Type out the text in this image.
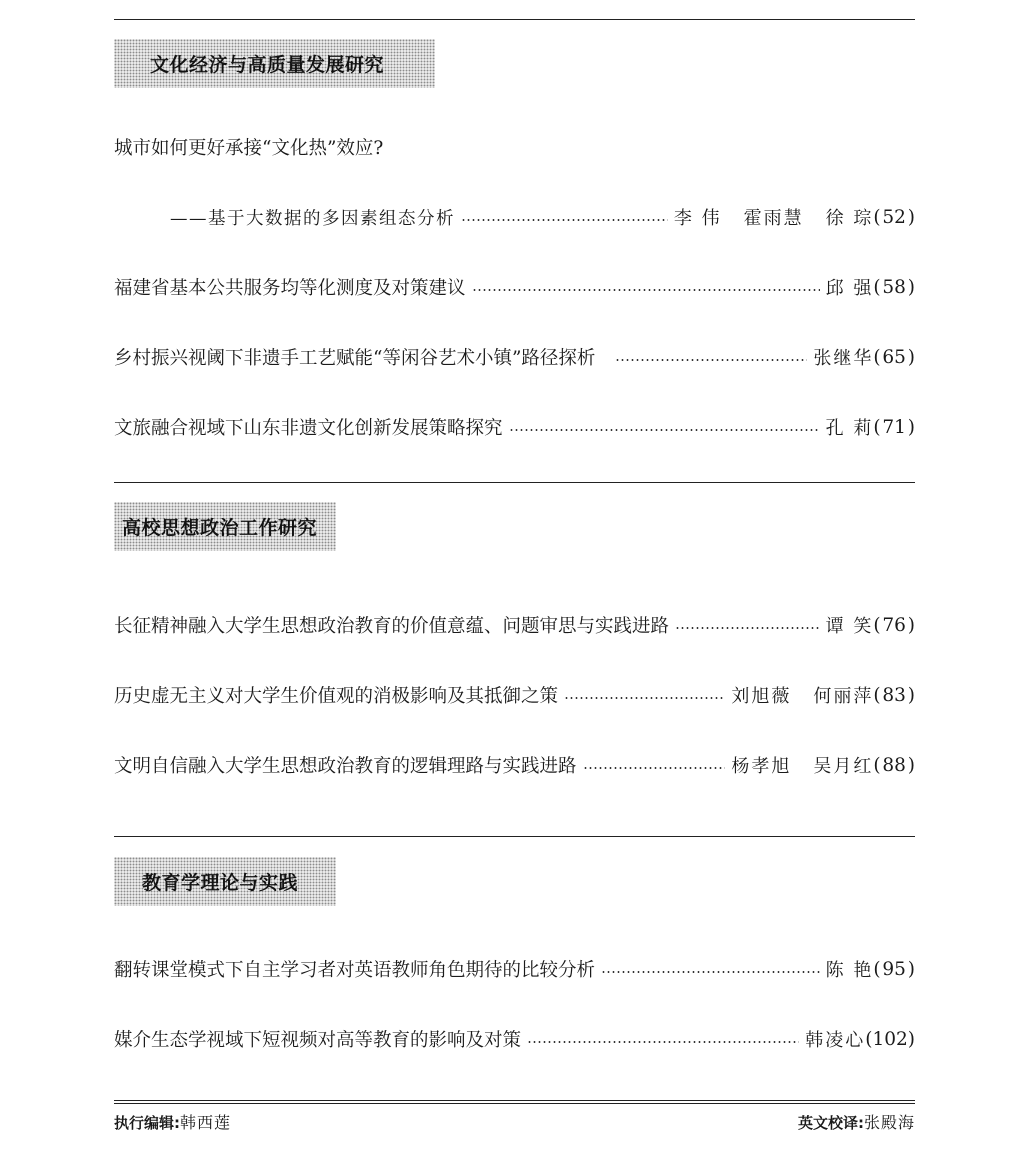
文化经济与高质量发展研究
城市如何更好承接“文化热”效应?
——基于大数据的多因素组态分析	李 伟 霍雨慧 徐 琮 ( 52 )
福建省基本公共服务均等化测度及对策建议	邱 强 ( 58 )
乡村振兴视阈下非遗手工艺赋能“等闲谷艺术小镇”路径探析	张继华 ( 65 )
文旅融合视域下山东非遗文化创新发展策略探究	孔 莉 ( 71 )
高校思想政治工作研究
长征精神融入大学生思想政治教育的价值意蕴、问题审思与实践进路	谭 笑 ( 76 )
历史虚无主义对大学生价值观的消极影响及其抵御之策	刘旭薇 何丽萍 ( 83 )
文明自信融入大学生思想政治教育的逻辑理路与实践进路	杨孝旭 吴月红 ( 88 )
教育学理论与实践
翻转课堂模式下自主学习者对英语教师角色期待的比较分析	陈 艳 ( 95 )
媒介生态学视域下短视频对高等教育的影响及对策	韩凌心 (102)
执行编辑:韩西莲	英文校译:张殿海
